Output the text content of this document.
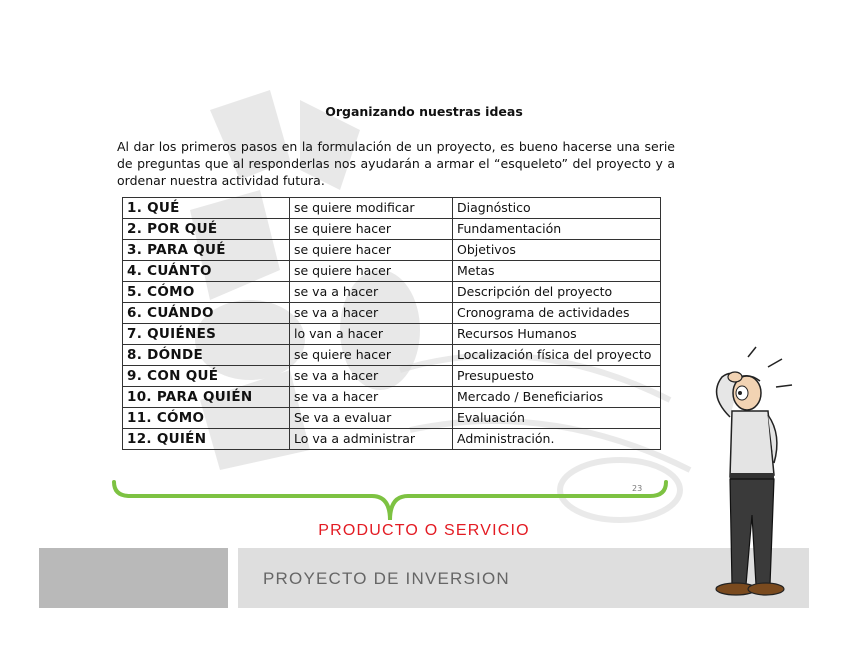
Organizando nuestras ideas
Al dar los primeros pasos en la formulación de un proyecto, es bueno hacerse una serie de preguntas que al responderlas nos ayudarán a armar el “esqueleto” del proyecto y a ordenar nuestra actividad futura.
1. QUÉ	se quiere modificar	Diagnóstico
2. POR QUÉ	se quiere hacer	Fundamentación
3. PARA QUÉ	se quiere hacer	Objetivos
4. CUÁNTO	se quiere hacer	Metas
5. CÓMO	se va a hacer	Descripción del proyecto
6. CUÁNDO	se va a hacer	Cronograma de actividades
7. QUIÉNES	lo van a hacer	Recursos Humanos
8. DÓNDE	se quiere hacer	Localización física del proyecto
9. CON QUÉ	se va a hacer	Presupuesto
10. PARA QUIÉN	se va a hacer	Mercado / Beneficiarios
11. CÓMO	Se va a evaluar	Evaluación
12. QUIÉN	Lo va a administrar	Administración.
23
PRODUCTO O SERVICIO
PROYECTO DE INVERSION
